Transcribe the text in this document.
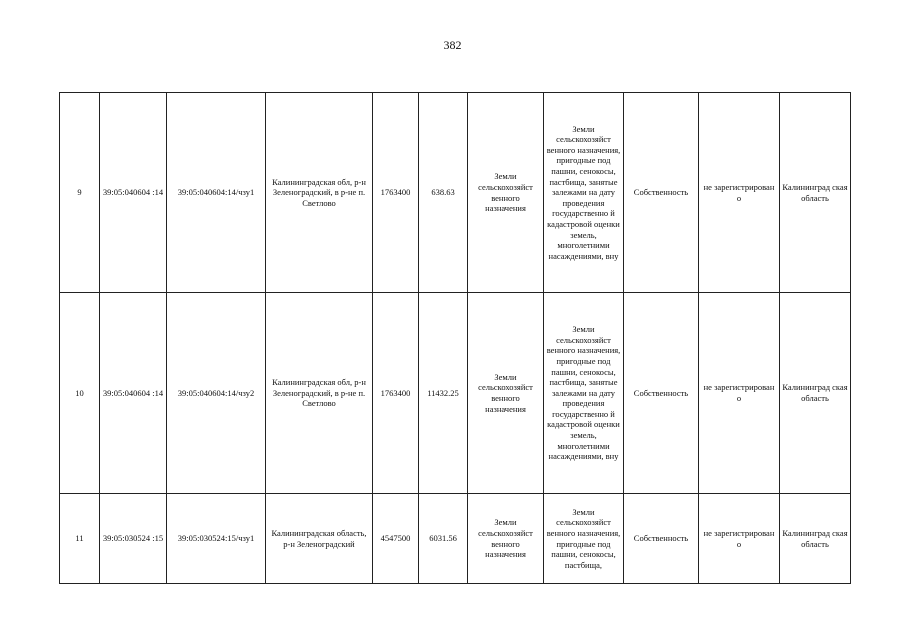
382
9	39:05:040604 :14	39:05:040604:14/чзу1	Калининградская обл, р-н Зеленоградский, в р-не п. Светлово	1763400	638.63	Земли сельскохозяйст венного назначения	Земли сельскохозяйст венного назначения, пригодные под пашни, сенокосы, пастбища, занятые залежами на дату проведения государственно й кадастровой оценки земель, многолетними насаждениями, вну	Собственность	не зарегистрирован о	Калининград ская область
10	39:05:040604 :14	39:05:040604:14/чзу2	Калининградская обл, р-н Зеленоградский, в р-не п. Светлово	1763400	11432.25	Земли сельскохозяйст венного назначения	Земли сельскохозяйст венного назначения, пригодные под пашни, сенокосы, пастбища, занятые залежами на дату проведения государственно й кадастровой оценки земель, многолетними насаждениями, вну	Собственность	не зарегистрирован о	Калининград ская область
11	39:05:030524 :15	39:05:030524:15/чзу1	Калининградская область, р-н Зеленоградский	4547500	6031.56	Земли сельскохозяйст венного назначения	Земли сельскохозяйст венного назначения, пригодные под пашни, сенокосы, пастбища,	Собственность	не зарегистрирован о	Калининград ская область
